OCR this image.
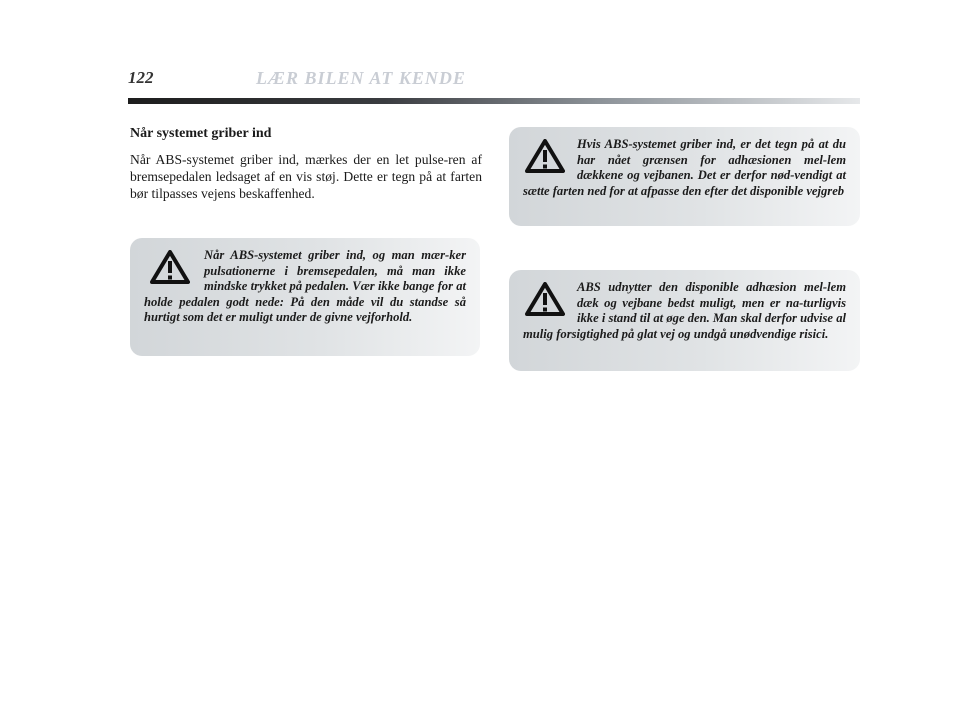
122	LÆR BILEN AT KENDE

Når systemet griber ind

Når ABS-systemet griber ind, mærkes der en let pulse-ren af bremsepedalen ledsaget af en vis støj. Dette er tegn på at farten bør tilpasses vejens beskaffenhed.

Når ABS-systemet griber ind, og man mær-ker pulsationerne i bremsepedalen, må man ikke mindske trykket på pedalen. Vær ikke bange for at holde pedalen godt nede: På den måde vil du standse så hurtigt som det er muligt under de givne vejforhold.

Hvis ABS-systemet griber ind, er det tegn på at du har nået grænsen for adhæsionen mel-lem dækkene og vejbanen. Det er derfor nød-vendigt at sætte farten ned for at afpasse den efter det disponible vejgreb

ABS udnytter den disponible adhæsion mel-lem dæk og vejbane bedst muligt, men er na-turligvis ikke i stand til at øge den. Man skal derfor udvise al mulig forsigtighed på glat vej og undgå unødvendige risici.
